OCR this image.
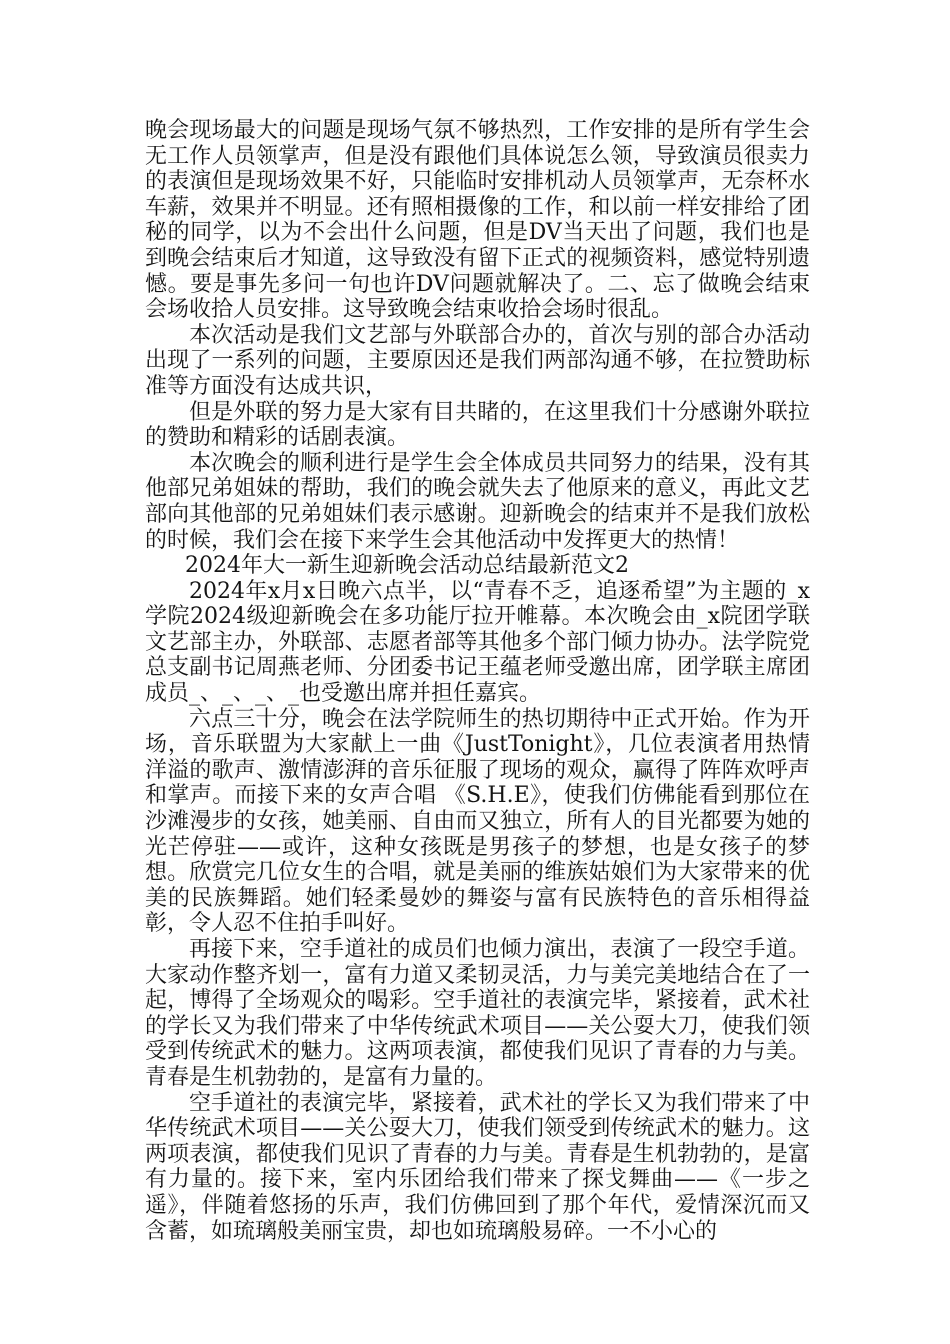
晚会现场最大的问题是现场气氛不够热烈，工作安排的是所有学生会无工作人员领掌声，但是没有跟他们具体说怎么领，导致演员很卖力的表演但是现场效果不好，只能临时安排机动人员领掌声，无奈杯水车薪，效果并不明显。还有照相摄像的工作，和以前一样安排给了团秘的同学，以为不会出什么问题，但是DV当天出了问题，我们也是到晚会结束后才知道，这导致没有留下正式的视频资料，感觉特别遗憾。要是事先多问一句也许DV问题就解决了。二、忘了做晚会结束会场收拾人员安排。这导致晚会结束收拾会场时很乱。

本次活动是我们文艺部与外联部合办的，首次与别的部合办活动出现了一系列的问题，主要原因还是我们两部沟通不够，在拉赞助标准等方面没有达成共识，

但是外联的努力是大家有目共睹的，在这里我们十分感谢外联拉的赞助和精彩的话剧表演。

本次晚会的顺利进行是学生会全体成员共同努力的结果，没有其他部兄弟姐妹的帮助，我们的晚会就失去了他原来的意义，再此文艺部向其他部的兄弟姐妹们表示感谢。迎新晚会的结束并不是我们放松的时候，我们会在接下来学生会其他活动中发挥更大的热情！

2024年大一新生迎新晚会活动总结最新范文2

2024年x月x日晚六点半，以“青春不乏，追逐希望”为主题的_x学院2024级迎新晚会在多功能厅拉开帷幕。本次晚会由_x院团学联文艺部主办，外联部、志愿者部等其他多个部门倾力协办。法学院党总支副书记周燕老师、分团委书记王蕴老师受邀出席，团学联主席团成员_、_、_、_也受邀出席并担任嘉宾。

六点三十分，晚会在法学院师生的热切期待中正式开始。作为开场，音乐联盟为大家献上一曲《JustTonight》，几位表演者用热情洋溢的歌声、激情澎湃的音乐征服了现场的观众，赢得了阵阵欢呼声和掌声。而接下来的女声合唱 《S.H.E》，使我们仿佛能看到那位在沙滩漫步的女孩，她美丽、自由而又独立，所有人的目光都要为她的光芒停驻——或许，这种女孩既是男孩子的梦想，也是女孩子的梦想。欣赏完几位女生的合唱，就是美丽的维族姑娘们为大家带来的优美的民族舞蹈。她们轻柔曼妙的舞姿与富有民族特色的音乐相得益彰，令人忍不住拍手叫好。

再接下来，空手道社的成员们也倾力演出，表演了一段空手道。大家动作整齐划一，富有力道又柔韧灵活，力与美完美地结合在了一起，博得了全场观众的喝彩。空手道社的表演完毕，紧接着，武术社的学长又为我们带来了中华传统武术项目——关公耍大刀，使我们领受到传统武术的魅力。这两项表演，都使我们见识了青春的力与美。青春是生机勃勃的，是富有力量的。

空手道社的表演完毕，紧接着，武术社的学长又为我们带来了中华传统武术项目——关公耍大刀，使我们领受到传统武术的魅力。这两项表演，都使我们见识了青春的力与美。青春是生机勃勃的，是富有力量的。接下来，室内乐团给我们带来了探戈舞曲——《一步之遥》，伴随着悠扬的乐声，我们仿佛回到了那个年代，爱情深沉而又含蓄，如琉璃般美丽宝贵，却也如琉璃般易碎。一不小心的
